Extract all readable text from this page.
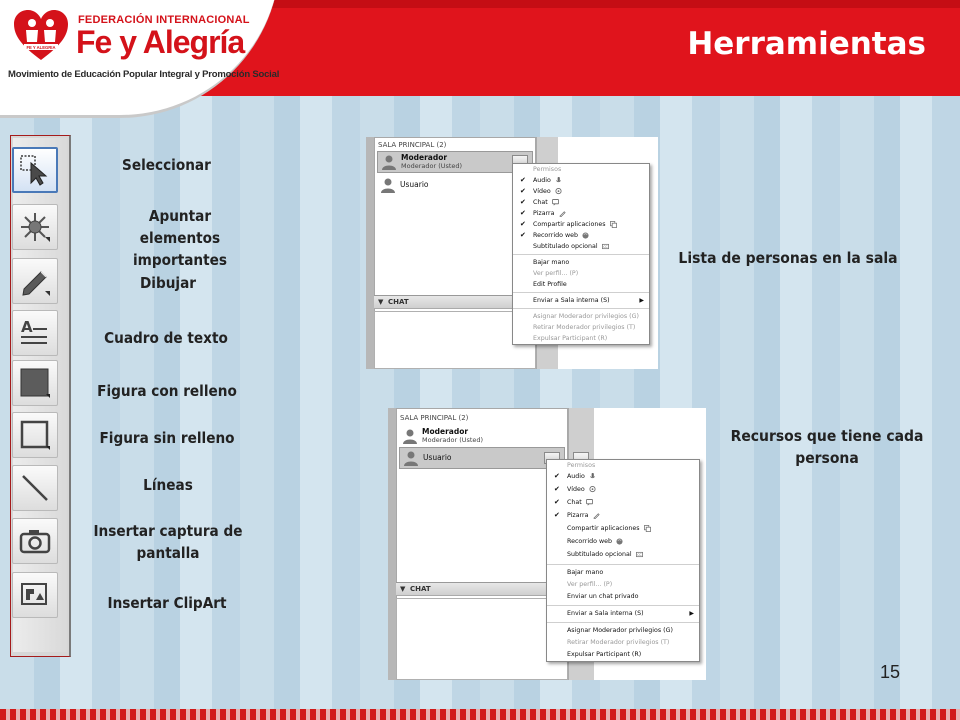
FE Y ALEGRIA
FEDERACIÓN INTERNACIONAL
Fe y Alegría
Movimiento de Educación Popular Integral y Promoción Social
Herramientas
A
Seleccionar
Apuntar elementos importantes
Dibujar
Cuadro de texto
Figura con relleno
Figura sin relleno
Líneas
Insertar captura de pantalla
Insertar ClipArt
SALA PRINCIPAL (2)
Moderador
Moderador (Usted)
Usuario
▼ CHAT
Permisos
✔ Audio
✔ Vídeo
✔ Chat
✔ Pizarra
✔ Compartir aplicaciones
✔ Recorrido web
Subtitulado opcional CC
Bajar mano
Ver perfil... (P)
Edit Profile
Enviar a Sala interna (S)	▶
Asignar Moderador privilegios (G)
Retirar Moderador privilegios (T)
Expulsar Participant (R)
Lista de personas en la sala
SALA PRINCIPAL (2)
Moderador
Moderador (Usted)
Usuario
▼ CHAT
Permisos
✔ Audio
✔ Vídeo
✔ Chat
✔ Pizarra
Compartir aplicaciones
Recorrido web
Subtitulado opcional CC
Bajar mano
Ver perfil... (P)
Enviar un chat privado
Enviar a Sala interna (S)	▶
Asignar Moderador privilegios (G)
Retirar Moderador privilegios (T)
Expulsar Participant (R)
Recursos que tiene cada persona
15
